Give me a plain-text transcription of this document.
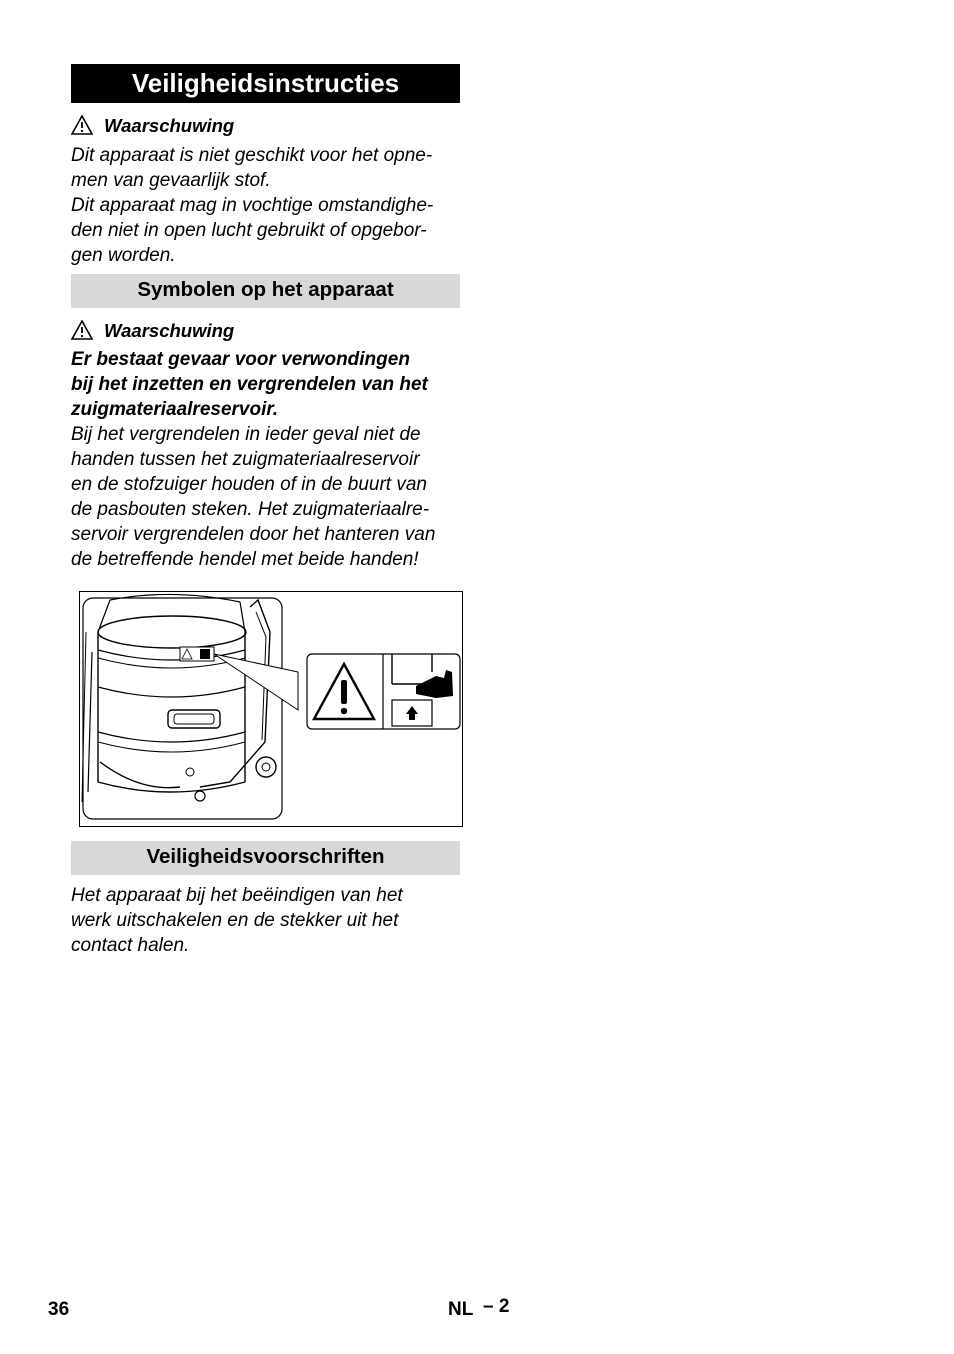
Veiligheidsinstructies
Waarschuwing
Dit apparaat is niet geschikt voor het opne-
men van gevaarlijk stof.
Dit apparaat mag in vochtige omstandighe-
den niet in open lucht gebruikt of opgebor-
gen worden.
Symbolen op het apparaat
Waarschuwing
Er bestaat gevaar voor verwondingen
bij het inzetten en vergrendelen van het
zuigmateriaalreservoir.
Bij het vergrendelen in ieder geval niet de
handen tussen het zuigmateriaalreservoir
en de stofzuiger houden of in de buurt van
de pasbouten steken. Het zuigmateriaalre-
servoir vergrendelen door het hanteren van
de betreffende hendel met beide handen!
Veiligheidsvoorschriften
Het apparaat bij het beëindigen van het
werk uitschakelen en de stekker uit het
contact halen.
36	NL – 2
